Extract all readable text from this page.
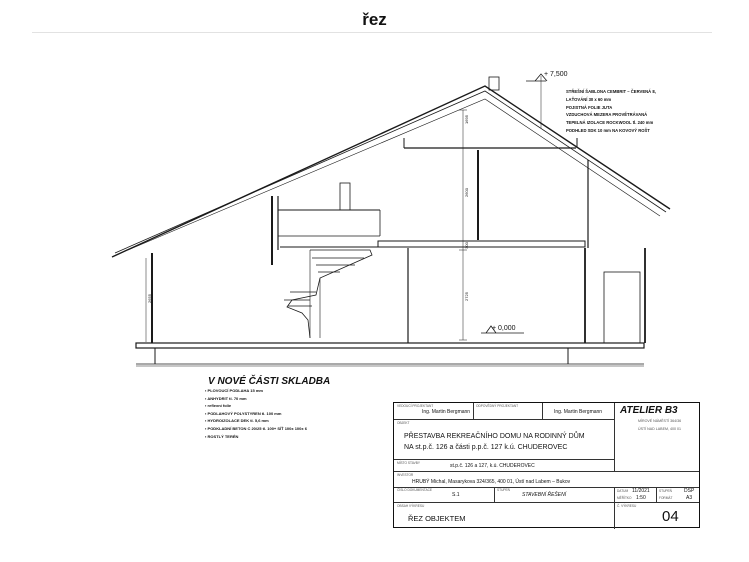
řez
+ 7,500
+ 0,000
1695
2600
300
2725
2655
STŘEŠNÍ ŠABLONA CEMBRIT – ČERVENÁ 8,
LAŤOVÁNÍ 30 x 60 mm
POJISTNÁ FOLIE JUTA
VZDUCHOVÁ MEZERA PROVĚTRÁVANÁ
TEPELNÁ IZOLACE ROCKWOOL tl. 240 mm
PODHLED SDK 10 mm NA KOVOVÝ ROŠT
V NOVÉ ČÁSTI SKLADBA
▪ PLOVOUCÍ PODLAHA 15 mm
▪ ANHYDRIT tl. 70 mm
▪ reflexní folie
▪ PODLAHOVÝ POLYSTYREN tl. 100 mm
▪ HYDROIZOLACE DEK tl. 5,6 mm
▪ PODKLADNÍ BETON C 20/25 tl. 100+ SÍŤ 100x 100x 6
▪ ROSTLÝ TERÉN
VEDOUCÍ PROJEKTANT
Ing. Martin Bergmann
ODPOVĚDNÝ PROJEKTANT
Ing. Martin Bergmann ATELIER B3
MÍROVÉ NÁMĚSTÍ 364/36
ÚSTÍ NAD LABEM, 400 01
OBJEKT
PŘESTAVBA REKREAČNÍHO DOMU NA RODINNÝ DŮM
NA st.p.č. 126 a části p.p.č. 127 k.ú. CHUDEROVEC
MÍSTO STAVBY	st.p.č. 126 a 127, k.ú. CHUDEROVEC
INVESTOR
HRUBÝ Michal, Masarykova 324/365, 400 01, Ústí nad Labem – Bukov
ČÍSLO DOKUMENTACE
S.1
STUPEŇ
STAVEBNÍ ŘEŠENÍ
DATUM 11/2021
MĚŘÍTKO 1:50
STUPEŇ DSP
FORMÁT	A3
OBSAH VÝKRESU
ŘEZ OBJEKTEM
Č. VÝKRESU
04
